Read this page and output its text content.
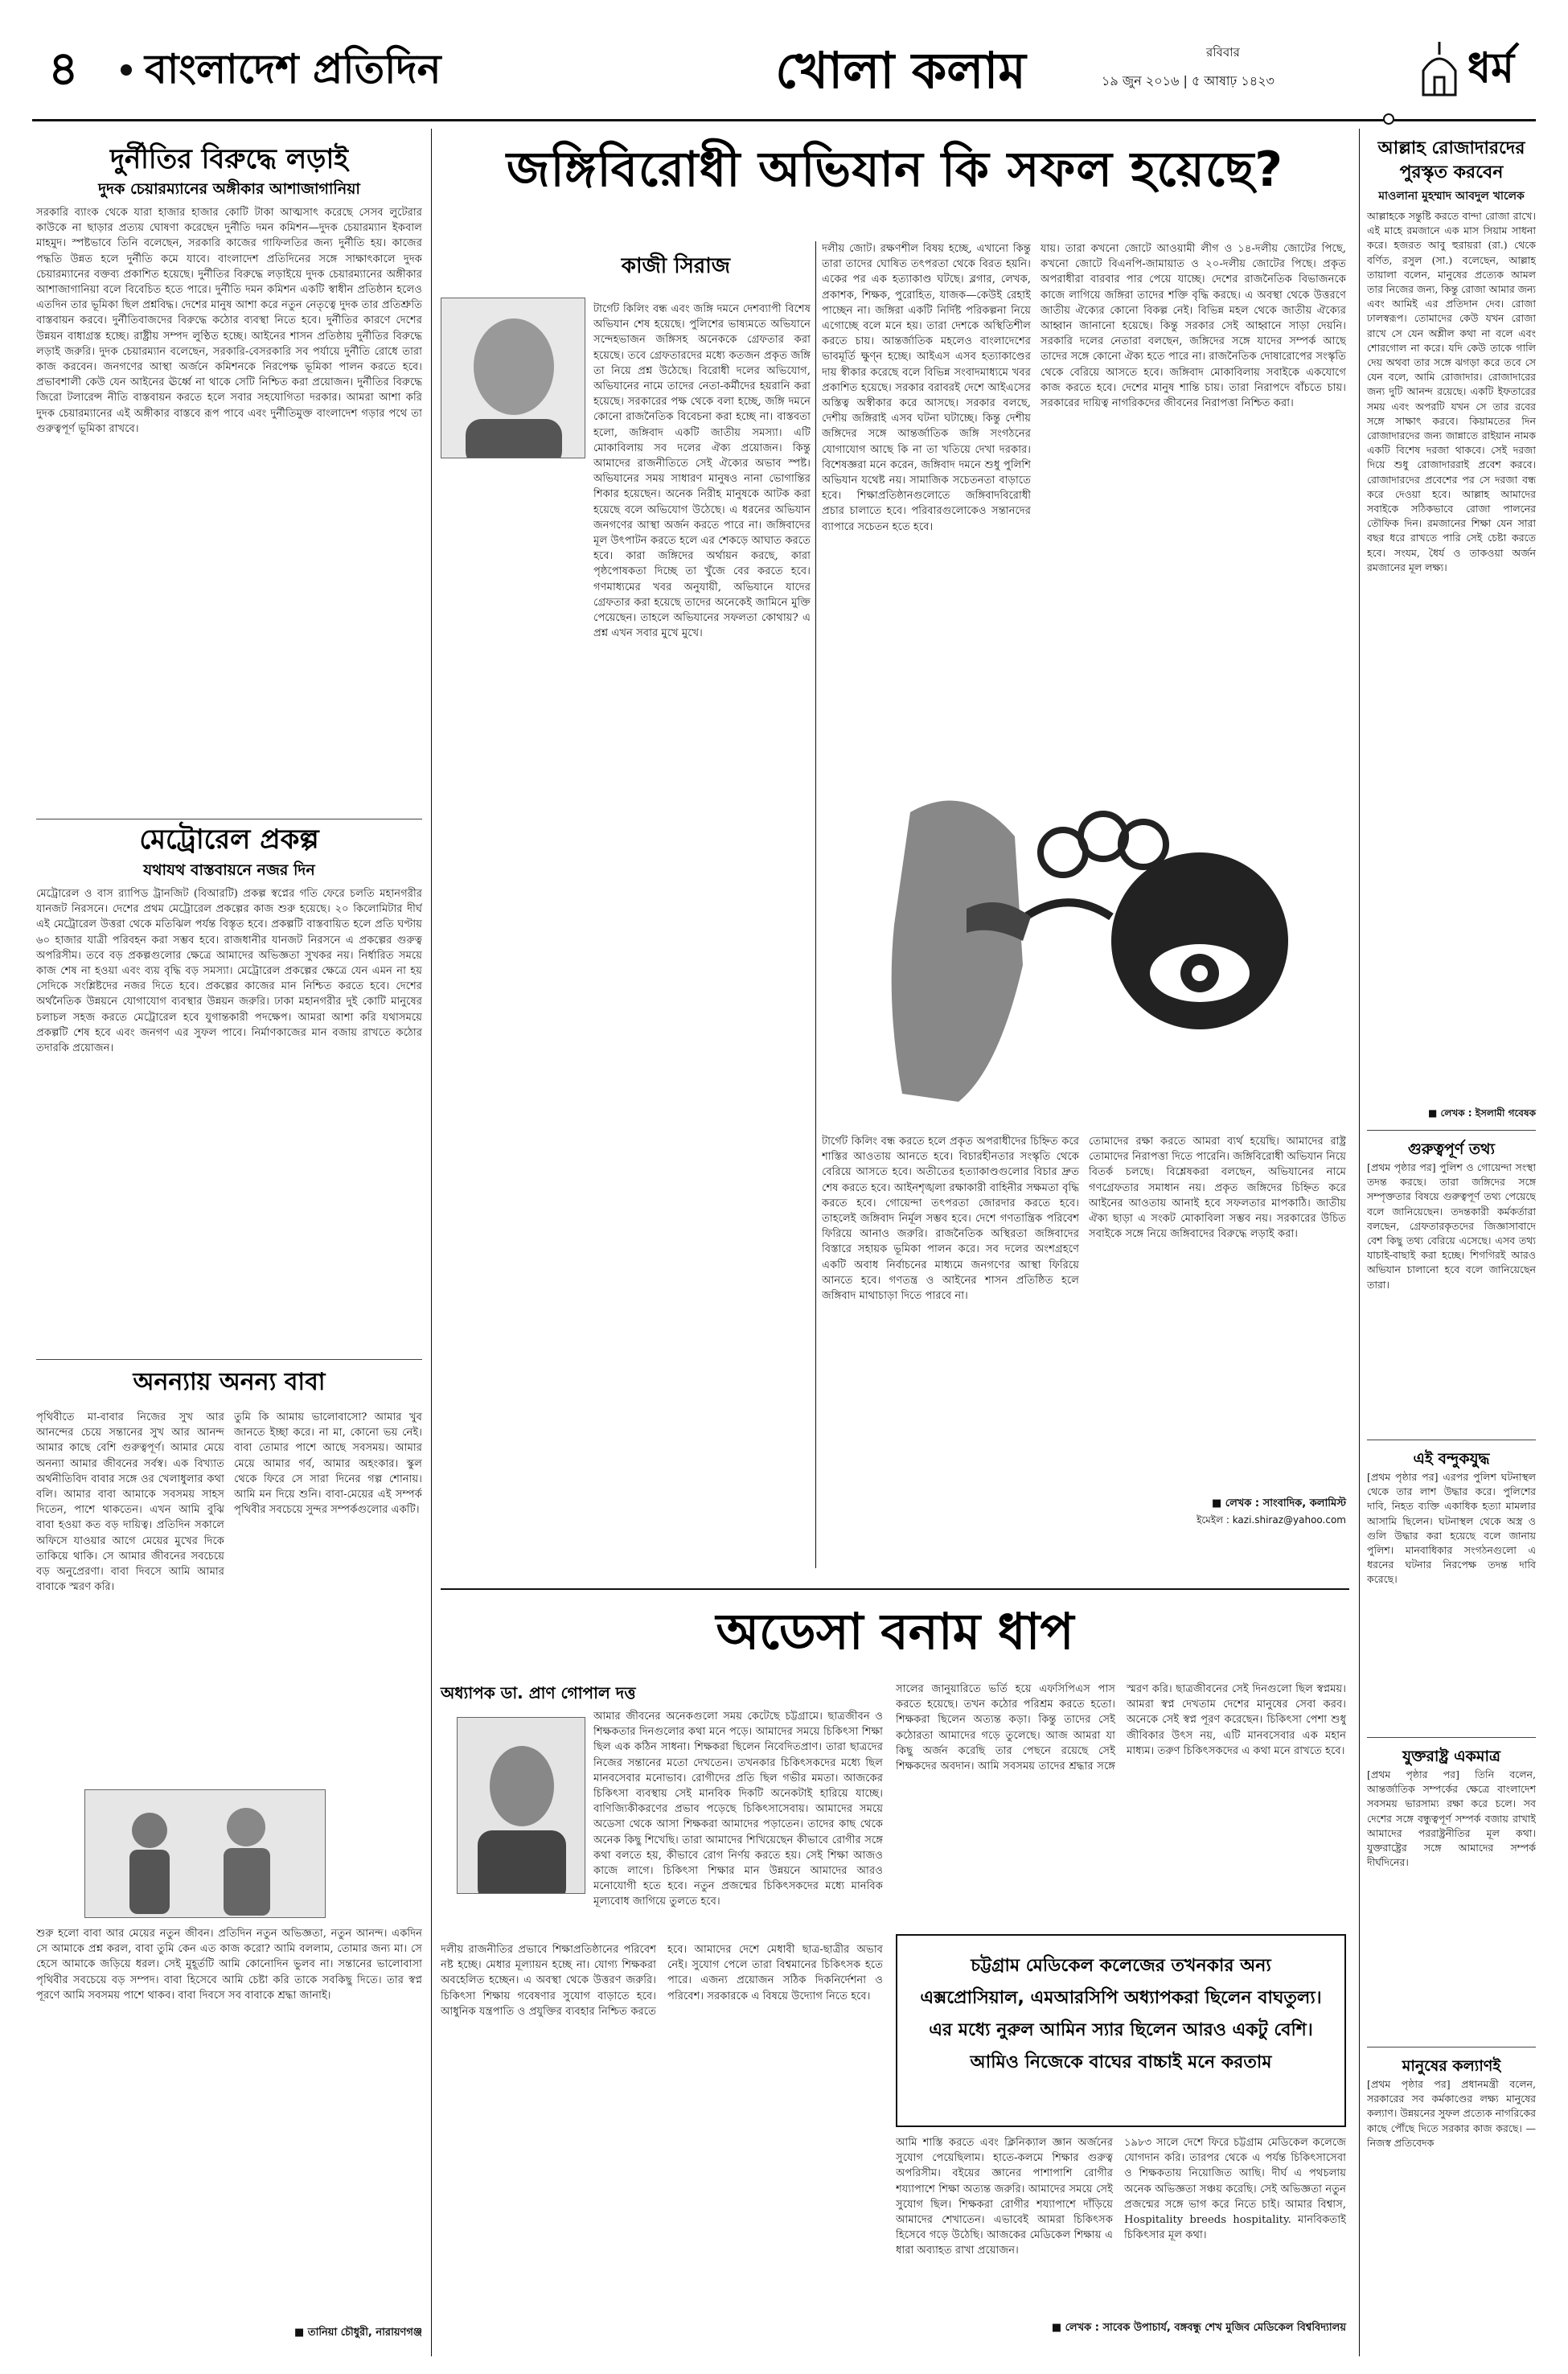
৪ বাংলাদেশ প্রতিদিন	খোলা কলাম	রবিবার
১৯ জুন ২০১৬ | ৫ আষাঢ় ১৪২৩	ধর্ম
দুর্নীতির বিরুদ্ধে লড়াই
দুদক চেয়ারম্যানের অঙ্গীকার আশাজাগানিয়া
সরকারি ব্যাংক থেকে যারা হাজার হাজার কোটি টাকা আত্মসাৎ করেছে সেসব লুটেরার কাউকে না ছাড়ার প্রত্যয় ঘোষণা করেছেন দুর্নীতি দমন কমিশন—দুদক চেয়ারম্যান ইকবাল মাহমুদ। স্পষ্টভাবে তিনি বলেছেন, সরকারি কাজের গাফিলতির জন্য দুর্নীতি হয়। কাজের পদ্ধতি উন্নত হলে দুর্নীতি কমে যাবে। বাংলাদেশ প্রতিদিনের সঙ্গে সাক্ষাৎকালে দুদক চেয়ারম্যানের বক্তব্য প্রকাশিত হয়েছে। দুর্নীতির বিরুদ্ধে লড়াইয়ে দুদক চেয়ারম্যানের অঙ্গীকার আশাজাগানিয়া বলে বিবেচিত হতে পারে। দুর্নীতি দমন কমিশন একটি স্বাধীন প্রতিষ্ঠান হলেও এতদিন তার ভূমিকা ছিল প্রশ্নবিদ্ধ। দেশের মানুষ আশা করে নতুন নেতৃত্বে দুদক তার প্রতিশ্রুতি বাস্তবায়ন করবে। দুর্নীতিবাজদের বিরুদ্ধে কঠোর ব্যবস্থা নিতে হবে। দুর্নীতির কারণে দেশের উন্নয়ন বাধাগ্রস্ত হচ্ছে। রাষ্ট্রীয় সম্পদ লুণ্ঠিত হচ্ছে। আইনের শাসন প্রতিষ্ঠায় দুর্নীতির বিরুদ্ধে লড়াই জরুরি। দুদক চেয়ারম্যান বলেছেন, সরকারি-বেসরকারি সব পর্যায়ে দুর্নীতি রোধে তারা কাজ করবেন। জনগণের আস্থা অর্জনে কমিশনকে নিরপেক্ষ ভূমিকা পালন করতে হবে। প্রভাবশালী কেউ যেন আইনের ঊর্ধ্বে না থাকে সেটি নিশ্চিত করা প্রয়োজন। দুর্নীতির বিরুদ্ধে জিরো টলারেন্স নীতি বাস্তবায়ন করতে হলে সবার সহযোগিতা দরকার। আমরা আশা করি দুদক চেয়ারম্যানের এই অঙ্গীকার বাস্তবে রূপ পাবে এবং দুর্নীতিমুক্ত বাংলাদেশ গড়ার পথে তা গুরুত্বপূর্ণ ভূমিকা রাখবে।
মেট্রোরেল প্রকল্প
যথাযথ বাস্তবায়নে নজর দিন
মেট্রোরেল ও বাস র‌্যাপিড ট্রানজিট (বিআরটি) প্রকল্প স্বপ্নের গতি ফেরে চলতি মহানগরীর যানজট নিরসনে। দেশের প্রথম মেট্রোরেল প্রকল্পের কাজ শুরু হয়েছে। ২০ কিলোমিটার দীর্ঘ এই মেট্রোরেল উত্তরা থেকে মতিঝিল পর্যন্ত বিস্তৃত হবে। প্রকল্পটি বাস্তবায়িত হলে প্রতি ঘণ্টায় ৬০ হাজার যাত্রী পরিবহন করা সম্ভব হবে। রাজধানীর যানজট নিরসনে এ প্রকল্পের গুরুত্ব অপরিসীম। তবে বড় প্রকল্পগুলোর ক্ষেত্রে আমাদের অভিজ্ঞতা সুখকর নয়। নির্ধারিত সময়ে কাজ শেষ না হওয়া এবং ব্যয় বৃদ্ধি বড় সমস্যা। মেট্রোরেল প্রকল্পের ক্ষেত্রে যেন এমন না হয় সেদিকে সংশ্লিষ্টদের নজর দিতে হবে। প্রকল্পের কাজের মান নিশ্চিত করতে হবে। দেশের অর্থনৈতিক উন্নয়নে যোগাযোগ ব্যবস্থার উন্নয়ন জরুরি। ঢাকা মহানগরীর দুই কোটি মানুষের চলাচল সহজ করতে মেট্রোরেল হবে যুগান্তকারী পদক্ষেপ। আমরা আশা করি যথাসময়ে প্রকল্পটি শেষ হবে এবং জনগণ এর সুফল পাবে। নির্মাণকাজের মান বজায় রাখতে কঠোর তদারকি প্রয়োজন।
অনন্যায় অনন্য বাবা
পৃথিবীতে মা-বাবার নিজের সুখ আর আনন্দের চেয়ে সন্তানের সুখ আর আনন্দ আমার কাছে বেশি গুরুত্বপূর্ণ। আমার মেয়ে অনন্যা আমার জীবনের সর্বস্ব। এক বিখ্যাত অর্থনীতিবিদ বাবার সঙ্গে ওর খেলাধুলার কথা বলি। আমার বাবা আমাকে সবসময় সাহস দিতেন, পাশে থাকতেন। এখন আমি বুঝি বাবা হওয়া কত বড় দায়িত্ব। প্রতিদিন সকালে অফিসে যাওয়ার আগে মেয়ের মুখের দিকে তাকিয়ে থাকি। সে আমার জীবনের সবচেয়ে বড় অনুপ্রেরণা। বাবা দিবসে আমি আমার বাবাকে স্মরণ করি।
তুমি কি আমায় ভালোবাসো? আমার খুব জানতে ইচ্ছা করে। না মা, কোনো ভয় নেই। বাবা তোমার পাশে আছে সবসময়। আমার মেয়ে আমার গর্ব, আমার অহংকার। স্কুল থেকে ফিরে সে সারা দিনের গল্প শোনায়। আমি মন দিয়ে শুনি। বাবা-মেয়ের এই সম্পর্ক পৃথিবীর সবচেয়ে সুন্দর সম্পর্কগুলোর একটি।
শুরু হলো বাবা আর মেয়ের নতুন জীবন। প্রতিদিন নতুন অভিজ্ঞতা, নতুন আনন্দ। একদিন সে আমাকে প্রশ্ন করল, বাবা তুমি কেন এত কাজ করো? আমি বললাম, তোমার জন্য মা। সে হেসে আমাকে জড়িয়ে ধরল। সেই মুহূর্তটি আমি কোনোদিন ভুলব না। সন্তানের ভালোবাসা পৃথিবীর সবচেয়ে বড় সম্পদ। বাবা হিসেবে আমি চেষ্টা করি তাকে সবকিছু দিতে। তার স্বপ্ন পূরণে আমি সবসময় পাশে থাকব। বাবা দিবসে সব বাবাকে শ্রদ্ধা জানাই।
■ তানিয়া চৌধুরী, নারায়ণগঞ্জ
জঙ্গিবিরোধী অভিযান কি সফল হয়েছে?
কাজী সিরাজ
টার্গেট কিলিং বন্ধ এবং জঙ্গি দমনে দেশব্যাপী বিশেষ অভিযান শেষ হয়েছে। পুলিশের ভাষ্যমতে অভিযানে সন্দেহভাজন জঙ্গিসহ অনেককে গ্রেফতার করা হয়েছে। তবে গ্রেফতারদের মধ্যে কতজন প্রকৃত জঙ্গি তা নিয়ে প্রশ্ন উঠেছে। বিরোধী দলের অভিযোগ, অভিযানের নামে তাদের নেতা-কর্মীদের হয়রানি করা হয়েছে। সরকারের পক্ষ থেকে বলা হচ্ছে, জঙ্গি দমনে কোনো রাজনৈতিক বিবেচনা করা হচ্ছে না। বাস্তবতা হলো, জঙ্গিবাদ একটি জাতীয় সমস্যা। এটি মোকাবিলায় সব দলের ঐক্য প্রয়োজন। কিন্তু আমাদের রাজনীতিতে সেই ঐক্যের অভাব স্পষ্ট। অভিযানের সময় সাধারণ মানুষও নানা ভোগান্তির শিকার হয়েছেন। অনেক নিরীহ মানুষকে আটক করা হয়েছে বলে অভিযোগ উঠেছে। এ ধরনের অভিযান জনগণের আস্থা অর্জন করতে পারে না। জঙ্গিবাদের মূল উৎপাটন করতে হলে এর শেকড়ে আঘাত করতে হবে। কারা জঙ্গিদের অর্থায়ন করছে, কারা পৃষ্ঠপোষকতা দিচ্ছে তা খুঁজে বের করতে হবে। গণমাধ্যমের খবর অনুযায়ী, অভিযানে যাদের গ্রেফতার করা হয়েছে তাদের অনেকেই জামিনে মুক্তি পেয়েছেন। তাহলে অভিযানের সফলতা কোথায়? এ প্রশ্ন এখন সবার মুখে মুখে।
দলীয় জোট। রক্ষণশীল বিষয় হচ্ছে, এখানো কিন্তু তারা তাদের ঘোষিত তৎপরতা থেকে বিরত হয়নি। একের পর এক হত্যাকাণ্ড ঘটছে। ব্লগার, লেখক, প্রকাশক, শিক্ষক, পুরোহিত, যাজক—কেউই রেহাই পাচ্ছেন না। জঙ্গিরা একটি নির্দিষ্ট পরিকল্পনা নিয়ে এগোচ্ছে বলে মনে হয়। তারা দেশকে অস্থিতিশীল করতে চায়। আন্তর্জাতিক মহলেও বাংলাদেশের ভাবমূর্তি ক্ষুণ্ন হচ্ছে। আইএস এসব হত্যাকাণ্ডের দায় স্বীকার করেছে বলে বিভিন্ন সংবাদমাধ্যমে খবর প্রকাশিত হয়েছে। সরকার বরাবরই দেশে আইএসের অস্তিত্ব অস্বীকার করে আসছে। সরকার বলছে, দেশীয় জঙ্গিরাই এসব ঘটনা ঘটাচ্ছে। কিন্তু দেশীয় জঙ্গিদের সঙ্গে আন্তর্জাতিক জঙ্গি সংগঠনের যোগাযোগ আছে কি না তা খতিয়ে দেখা দরকার। বিশেষজ্ঞরা মনে করেন, জঙ্গিবাদ দমনে শুধু পুলিশি অভিযান যথেষ্ট নয়। সামাজিক সচেতনতা বাড়াতে হবে। শিক্ষাপ্রতিষ্ঠানগুলোতে জঙ্গিবাদবিরোধী প্রচার চালাতে হবে। পরিবারগুলোকেও সন্তানদের ব্যাপারে সচেতন হতে হবে।
যায়। তারা কখনো জোটে আওয়ামী লীগ ও ১৪-দলীয় জোটের পিছে, কখনো জোটে বিএনপি-জামায়াত ও ২০-দলীয় জোটের পিছে। প্রকৃত অপরাধীরা বারবার পার পেয়ে যাচ্ছে। দেশের রাজনৈতিক বিভাজনকে কাজে লাগিয়ে জঙ্গিরা তাদের শক্তি বৃদ্ধি করছে। এ অবস্থা থেকে উত্তরণে জাতীয় ঐক্যের কোনো বিকল্প নেই। বিভিন্ন মহল থেকে জাতীয় ঐক্যের আহ্বান জানানো হয়েছে। কিন্তু সরকার সেই আহ্বানে সাড়া দেয়নি। সরকারি দলের নেতারা বলছেন, জঙ্গিদের সঙ্গে যাদের সম্পর্ক আছে তাদের সঙ্গে কোনো ঐক্য হতে পারে না। রাজনৈতিক দোষারোপের সংস্কৃতি থেকে বেরিয়ে আসতে হবে। জঙ্গিবাদ মোকাবিলায় সবাইকে একযোগে কাজ করতে হবে। দেশের মানুষ শান্তি চায়। তারা নিরাপদে বাঁচতে চায়। সরকারের দায়িত্ব নাগরিকদের জীবনের নিরাপত্তা নিশ্চিত করা।
টার্গেট কিলিং বন্ধ করতে হলে প্রকৃত অপরাধীদের চিহ্নিত করে শাস্তির আওতায় আনতে হবে। বিচারহীনতার সংস্কৃতি থেকে বেরিয়ে আসতে হবে। অতীতের হত্যাকাণ্ডগুলোর বিচার দ্রুত শেষ করতে হবে। আইনশৃঙ্খলা রক্ষাকারী বাহিনীর সক্ষমতা বৃদ্ধি করতে হবে। গোয়েন্দা তৎপরতা জোরদার করতে হবে। তাহলেই জঙ্গিবাদ নির্মূল সম্ভব হবে। দেশে গণতান্ত্রিক পরিবেশ ফিরিয়ে আনাও জরুরি। রাজনৈতিক অস্থিরতা জঙ্গিবাদের বিস্তারে সহায়ক ভূমিকা পালন করে। সব দলের অংশগ্রহণে একটি অবাধ নির্বাচনের মাধ্যমে জনগণের আস্থা ফিরিয়ে আনতে হবে। গণতন্ত্র ও আইনের শাসন প্রতিষ্ঠিত হলে জঙ্গিবাদ মাথাচাড়া দিতে পারবে না।
তোমাদের রক্ষা করতে আমরা ব্যর্থ হয়েছি। আমাদের রাষ্ট্র তোমাদের নিরাপত্তা দিতে পারেনি। জঙ্গিবিরোধী অভিযান নিয়ে বিতর্ক চলছে। বিশ্লেষকরা বলছেন, অভিযানের নামে গণগ্রেফতার সমাধান নয়। প্রকৃত জঙ্গিদের চিহ্নিত করে আইনের আওতায় আনাই হবে সফলতার মাপকাঠি। জাতীয় ঐক্য ছাড়া এ সংকট মোকাবিলা সম্ভব নয়। সরকারের উচিত সবাইকে সঙ্গে নিয়ে জঙ্গিবাদের বিরুদ্ধে লড়াই করা।
■ লেখক : সাংবাদিক, কলামিস্ট
ইমেইল : kazi.shiraz@yahoo.com
অডেসা বনাম ধাপ
অধ্যাপক ডা. প্রাণ গোপাল দত্ত
আমার জীবনের অনেকগুলো সময় কেটেছে চট্টগ্রামে। ছাত্রজীবন ও শিক্ষকতার দিনগুলোর কথা মনে পড়ে। আমাদের সময়ে চিকিৎসা শিক্ষা ছিল এক কঠিন সাধনা। শিক্ষকরা ছিলেন নিবেদিতপ্রাণ। তারা ছাত্রদের নিজের সন্তানের মতো দেখতেন। তখনকার চিকিৎসকদের মধ্যে ছিল মানবসেবার মনোভাব। রোগীদের প্রতি ছিল গভীর মমতা। আজকের চিকিৎসা ব্যবস্থায় সেই মানবিক দিকটি অনেকটাই হারিয়ে যাচ্ছে। বাণিজ্যিকীকরণের প্রভাব পড়েছে চিকিৎসাসেবায়। আমাদের সময়ে অডেসা থেকে আসা শিক্ষকরা আমাদের পড়াতেন। তাদের কাছ থেকে অনেক কিছু শিখেছি। তারা আমাদের শিখিয়েছেন কীভাবে রোগীর সঙ্গে কথা বলতে হয়, কীভাবে রোগ নির্ণয় করতে হয়। সেই শিক্ষা আজও কাজে লাগে। চিকিৎসা শিক্ষার মান উন্নয়নে আমাদের আরও মনোযোগী হতে হবে। নতুন প্রজন্মের চিকিৎসকদের মধ্যে মানবিক মূল্যবোধ জাগিয়ে তুলতে হবে।
দলীয় রাজনীতির প্রভাবে শিক্ষাপ্রতিষ্ঠানের পরিবেশ নষ্ট হচ্ছে। মেধার মূল্যায়ন হচ্ছে না। যোগ্য শিক্ষকরা অবহেলিত হচ্ছেন। এ অবস্থা থেকে উত্তরণ জরুরি। চিকিৎসা শিক্ষায় গবেষণার সুযোগ বাড়াতে হবে। আধুনিক যন্ত্রপাতি ও প্রযুক্তির ব্যবহার নিশ্চিত করতে হবে। আমাদের দেশে মেধাবী ছাত্র-ছাত্রীর অভাব নেই। সুযোগ পেলে তারা বিশ্বমানের চিকিৎসক হতে পারে। এজন্য প্রয়োজন সঠিক দিকনির্দেশনা ও পরিবেশ। সরকারকে এ বিষয়ে উদ্যোগ নিতে হবে।
সালের জানুয়ারিতে ভর্তি হয়ে এফসিপিএস পাস করতে হয়েছে। তখন কঠোর পরিশ্রম করতে হতো। শিক্ষকরা ছিলেন অত্যন্ত কড়া। কিন্তু তাদের সেই কঠোরতা আমাদের গড়ে তুলেছে। আজ আমরা যা কিছু অর্জন করেছি তার পেছনে রয়েছে সেই শিক্ষকদের অবদান। আমি সবসময় তাদের শ্রদ্ধার সঙ্গে স্মরণ করি। ছাত্রজীবনের সেই দিনগুলো ছিল স্বপ্নময়। আমরা স্বপ্ন দেখতাম দেশের মানুষের সেবা করব। অনেকে সেই স্বপ্ন পূরণ করেছেন। চিকিৎসা পেশা শুধু জীবিকার উৎস নয়, এটি মানবসেবার এক মহান মাধ্যম। তরুণ চিকিৎসকদের এ কথা মনে রাখতে হবে।
চট্টগ্রাম মেডিকেল কলেজের তখনকার অন্য এক্সপ্রোসিয়াল, এমআরসিপি অধ্যাপকরা ছিলেন বাঘতুল্য। এর মধ্যে নুরুল আমিন স্যার ছিলেন আরও একটু বেশি। আমিও নিজেকে বাঘের বাচ্চাই মনে করতাম
আমি শাস্তি করতে এবং ক্লিনিক্যাল জ্ঞান অর্জনের সুযোগ পেয়েছিলাম। হাতে-কলমে শিক্ষার গুরুত্ব অপরিসীম। বইয়ের জ্ঞানের পাশাপাশি রোগীর শয্যাপাশে শিক্ষা অত্যন্ত জরুরি। আমাদের সময়ে সেই সুযোগ ছিল। শিক্ষকরা রোগীর শয্যাপাশে দাঁড়িয়ে আমাদের শেখাতেন। এভাবেই আমরা চিকিৎসক হিসেবে গড়ে উঠেছি। আজকের মেডিকেল শিক্ষায় এ ধারা অব্যাহত রাখা প্রয়োজন।
১৯৮৩ সালে দেশে ফিরে চট্টগ্রাম মেডিকেল কলেজে যোগদান করি। তারপর থেকে এ পর্যন্ত চিকিৎসাসেবা ও শিক্ষকতায় নিয়োজিত আছি। দীর্ঘ এ পথচলায় অনেক অভিজ্ঞতা সঞ্চয় করেছি। সেই অভিজ্ঞতা নতুন প্রজন্মের সঙ্গে ভাগ করে নিতে চাই। আমার বিশ্বাস, Hospitality breeds hospitality. মানবিকতাই চিকিৎসার মূল কথা।
■ লেখক : সাবেক উপাচার্য, বঙ্গবন্ধু শেখ মুজিব মেডিকেল বিশ্ববিদ্যালয়
আল্লাহ রোজাদারদের পুরস্কৃত করবেন
মাওলানা মুহম্মাদ আবদুল খালেক
আল্লাহকে সন্তুষ্টি করতে বান্দা রোজা রাখে। এই মাহে রমজানে এক মাস সিয়াম সাধনা করে। হজরত আবু হুরায়রা (রা.) থেকে বর্ণিত, রসুল (সা.) বলেছেন, আল্লাহ তায়ালা বলেন, মানুষের প্রত্যেক আমল তার নিজের জন্য, কিন্তু রোজা আমার জন্য এবং আমিই এর প্রতিদান দেব। রোজা ঢালস্বরূপ। তোমাদের কেউ যখন রোজা রাখে সে যেন অশ্লীল কথা না বলে এবং শোরগোল না করে। যদি কেউ তাকে গালি দেয় অথবা তার সঙ্গে ঝগড়া করে তবে সে যেন বলে, আমি রোজাদার। রোজাদারের জন্য দুটি আনন্দ রয়েছে। একটি ইফতারের সময় এবং অপরটি যখন সে তার রবের সঙ্গে সাক্ষাৎ করবে। কিয়ামতের দিন রোজাদারদের জন্য জান্নাতে রাইয়ান নামক একটি বিশেষ দরজা থাকবে। সেই দরজা দিয়ে শুধু রোজাদাররাই প্রবেশ করবে। রোজাদারদের প্রবেশের পর সে দরজা বন্ধ করে দেওয়া হবে। আল্লাহ আমাদের সবাইকে সঠিকভাবে রোজা পালনের তৌফিক দিন। রমজানের শিক্ষা যেন সারা বছর ধরে রাখতে পারি সেই চেষ্টা করতে হবে। সংযম, ধৈর্য ও তাকওয়া অর্জন রমজানের মূল লক্ষ্য।
■ লেখক : ইসলামী গবেষক
গুরুত্বপূর্ণ তথ্য
[প্রথম পৃষ্ঠার পর] পুলিশ ও গোয়েন্দা সংস্থা তদন্ত করছে। তারা জঙ্গিদের সঙ্গে সম্পৃক্ততার বিষয়ে গুরুত্বপূর্ণ তথ্য পেয়েছে বলে জানিয়েছেন। তদন্তকারী কর্মকর্তারা বলছেন, গ্রেফতারকৃতদের জিজ্ঞাসাবাদে বেশ কিছু তথ্য বেরিয়ে এসেছে। এসব তথ্য যাচাই-বাছাই করা হচ্ছে। শিগগিরই আরও অভিযান চালানো হবে বলে জানিয়েছেন তারা।
এই বন্দুকযুদ্ধ
[প্রথম পৃষ্ঠার পর] এরপর পুলিশ ঘটনাস্থল থেকে তার লাশ উদ্ধার করে। পুলিশের দাবি, নিহত ব্যক্তি একাধিক হত্যা মামলার আসামি ছিলেন। ঘটনাস্থল থেকে অস্ত্র ও গুলি উদ্ধার করা হয়েছে বলে জানায় পুলিশ। মানবাধিকার সংগঠনগুলো এ ধরনের ঘটনার নিরপেক্ষ তদন্ত দাবি করেছে।
যুক্তরাষ্ট্র একমাত্র
[প্রথম পৃষ্ঠার পর] তিনি বলেন, আন্তর্জাতিক সম্পর্কের ক্ষেত্রে বাংলাদেশ সবসময় ভারসাম্য রক্ষা করে চলে। সব দেশের সঙ্গে বন্ধুত্বপূর্ণ সম্পর্ক বজায় রাখাই আমাদের পররাষ্ট্রনীতির মূল কথা। যুক্তরাষ্ট্রের সঙ্গে আমাদের সম্পর্ক দীর্ঘদিনের।
মানুষের কল্যাণই
[প্রথম পৃষ্ঠার পর] প্রধানমন্ত্রী বলেন, সরকারের সব কর্মকাণ্ডের লক্ষ্য মানুষের কল্যাণ। উন্নয়নের সুফল প্রত্যেক নাগরিকের কাছে পৌঁছে দিতে সরকার কাজ করছে। —নিজস্ব প্রতিবেদক
